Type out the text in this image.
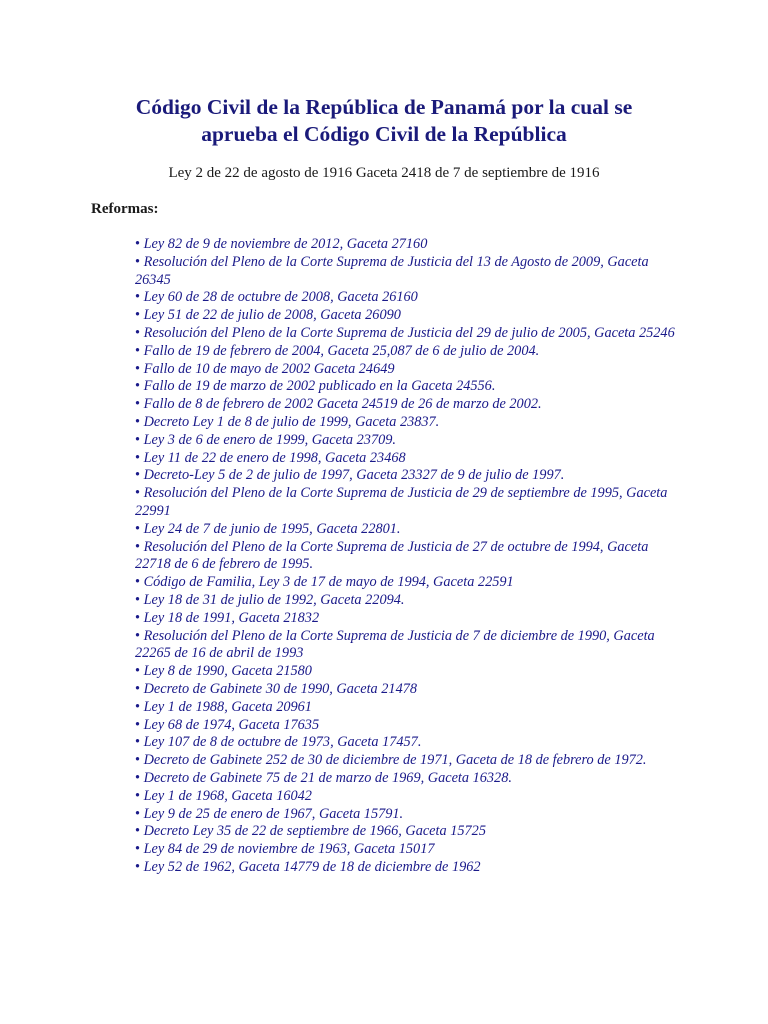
Código Civil de la República de Panamá por la cual se
aprueba el Código Civil de la República

Ley 2 de 22 de agosto de 1916 Gaceta 2418 de 7 de septiembre de 1916

Reformas:

• Ley 82 de 9 de noviembre de 2012, Gaceta 27160
• Resolución del Pleno de la Corte Suprema de Justicia del 13 de Agosto de 2009, Gaceta 26345
• Ley 60 de 28 de octubre de 2008, Gaceta 26160
• Ley 51 de 22 de julio de 2008, Gaceta 26090
• Resolución del Pleno de la Corte Suprema de Justicia del 29 de julio de 2005, Gaceta 25246
• Fallo de 19 de febrero de 2004, Gaceta 25,087 de 6 de julio de 2004.
• Fallo de 10 de mayo de 2002 Gaceta 24649
• Fallo de 19 de marzo de 2002 publicado en la Gaceta 24556.
• Fallo de 8 de febrero de 2002 Gaceta 24519 de 26 de marzo de 2002.
• Decreto Ley 1 de 8 de julio de 1999, Gaceta 23837.
• Ley 3 de 6 de enero de 1999, Gaceta 23709.
• Ley 11 de 22 de enero de 1998, Gaceta 23468
• Decreto-Ley 5 de 2 de julio de 1997, Gaceta 23327 de 9 de julio de 1997.
• Resolución del Pleno de la Corte Suprema de Justicia de 29 de septiembre de 1995, Gaceta 22991
• Ley 24 de 7 de junio de 1995, Gaceta 22801.
• Resolución del Pleno de la Corte Suprema de Justicia de 27 de octubre de 1994, Gaceta 22718 de 6 de febrero de 1995.
• Código de Familia, Ley 3 de 17 de mayo de 1994, Gaceta 22591
• Ley 18 de 31 de julio de 1992, Gaceta 22094.
• Ley 18 de 1991, Gaceta 21832
• Resolución del Pleno de la Corte Suprema de Justicia de 7 de diciembre de 1990, Gaceta 22265 de 16 de abril de 1993
• Ley 8 de 1990, Gaceta 21580
• Decreto de Gabinete 30 de 1990, Gaceta 21478
• Ley 1 de 1988, Gaceta 20961
• Ley 68 de 1974, Gaceta 17635
• Ley 107 de 8 de octubre de 1973, Gaceta 17457.
• Decreto de Gabinete 252 de 30 de diciembre de 1971, Gaceta de 18 de febrero de 1972.
• Decreto de Gabinete 75 de 21 de marzo de 1969, Gaceta 16328.
• Ley 1 de 1968, Gaceta 16042
• Ley 9 de 25 de enero de 1967, Gaceta 15791.
• Decreto Ley 35 de 22 de septiembre de 1966, Gaceta 15725
• Ley 84 de 29 de noviembre de 1963, Gaceta 15017
• Ley 52 de 1962, Gaceta 14779 de 18 de diciembre de 1962
